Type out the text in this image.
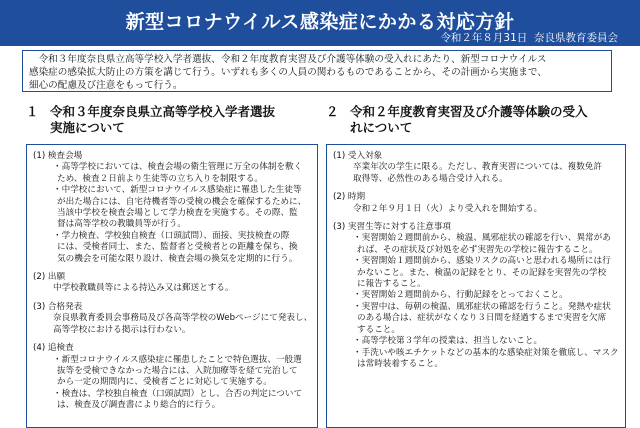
新型コロナウイルス感染症にかかる対応方針
令和２年８月31日 奈良県教育委員会

令和３年度奈良県立高等学校入学者選抜、令和２年度教育実習及び介護等体験の受入れにあたり、新型コロナウイルス

感染症の感染拡大防止の方策を講じて行う。いずれも多くの人員の関わるものであることから、その計画から実施まで、

細心の配慮及び注意をもって行う。

１ 令和３年度奈良県立高等学校入学者選抜
実施について
(1) 検査会場
・高等学校においては、検査会場の衛生管理に万全の体制を敷く
ため、検査２日前より生徒等の立ち入りを制限する。
・中学校において、新型コロナウイルス感染症に罹患した生徒等
が出た場合には、自宅待機者等の受検の機会を確保するために、
当該中学校を検査会場として学力検査を実施する。その際、監
督は高等学校の教職員等が行う。
・学力検査、学校独自検査（口頭試問）、面接、実技検査の際
には、受検者同士、また、監督者と受検者との距離を保ち、換
気の機会を可能な限り設け、検査会場の換気を定期的に行う。
(2) 出願
中学校教職員等による持込み又は郵送とする。
(3) 合格発表
奈良県教育委員会事務局及び各高等学校のWebページにて発表し、
高等学校における掲示は行わない。
(4) 追検査
・新型コロナウイルス感染症に罹患したことで特色選抜、一般選
抜等を受検できなかった場合には、入院加療等を経て完治して
から一定の期間内に、受検者ごとに対応して実施する。
・検査は、学校独自検査（口頭試問）とし、合否の判定について
は、検査及び調査書により総合的に行う。
２ 令和２年度教育実習及び介護等体験の受入
れについて
(1) 受入対象
卒業年次の学生に限る。ただし、教育実習については、複数免許
取得等、必然性のある場合受け入れる。
(2) 時期
令和２年９月１日（火）より受入れを開始する。
(3) 実習生等に対する注意事項
・実習開始２週間前から、検温、風邪症状の確認を行い、異常があ
れば、その症状及び対処を必ず実習先の学校に報告すること。
・実習開始１週間前から、感染リスクの高いと思われる場所には行
かないこと。また、検温の記録をとり、その記録を実習先の学校
に報告すること。
・実習開始２週間前から、行動記録をとっておくこと。
・実習中は、毎朝の検温、風邪症状の確認を行うこと。発熱や症状
のある場合は、症状がなくなり３日間を経過するまで実習を欠席
すること。
・高等学校第３学年の授業は、担当しないこと。
・手洗いや咳エチケットなどの基本的な感染症対策を徹底し、マスク
は常時装着すること。
